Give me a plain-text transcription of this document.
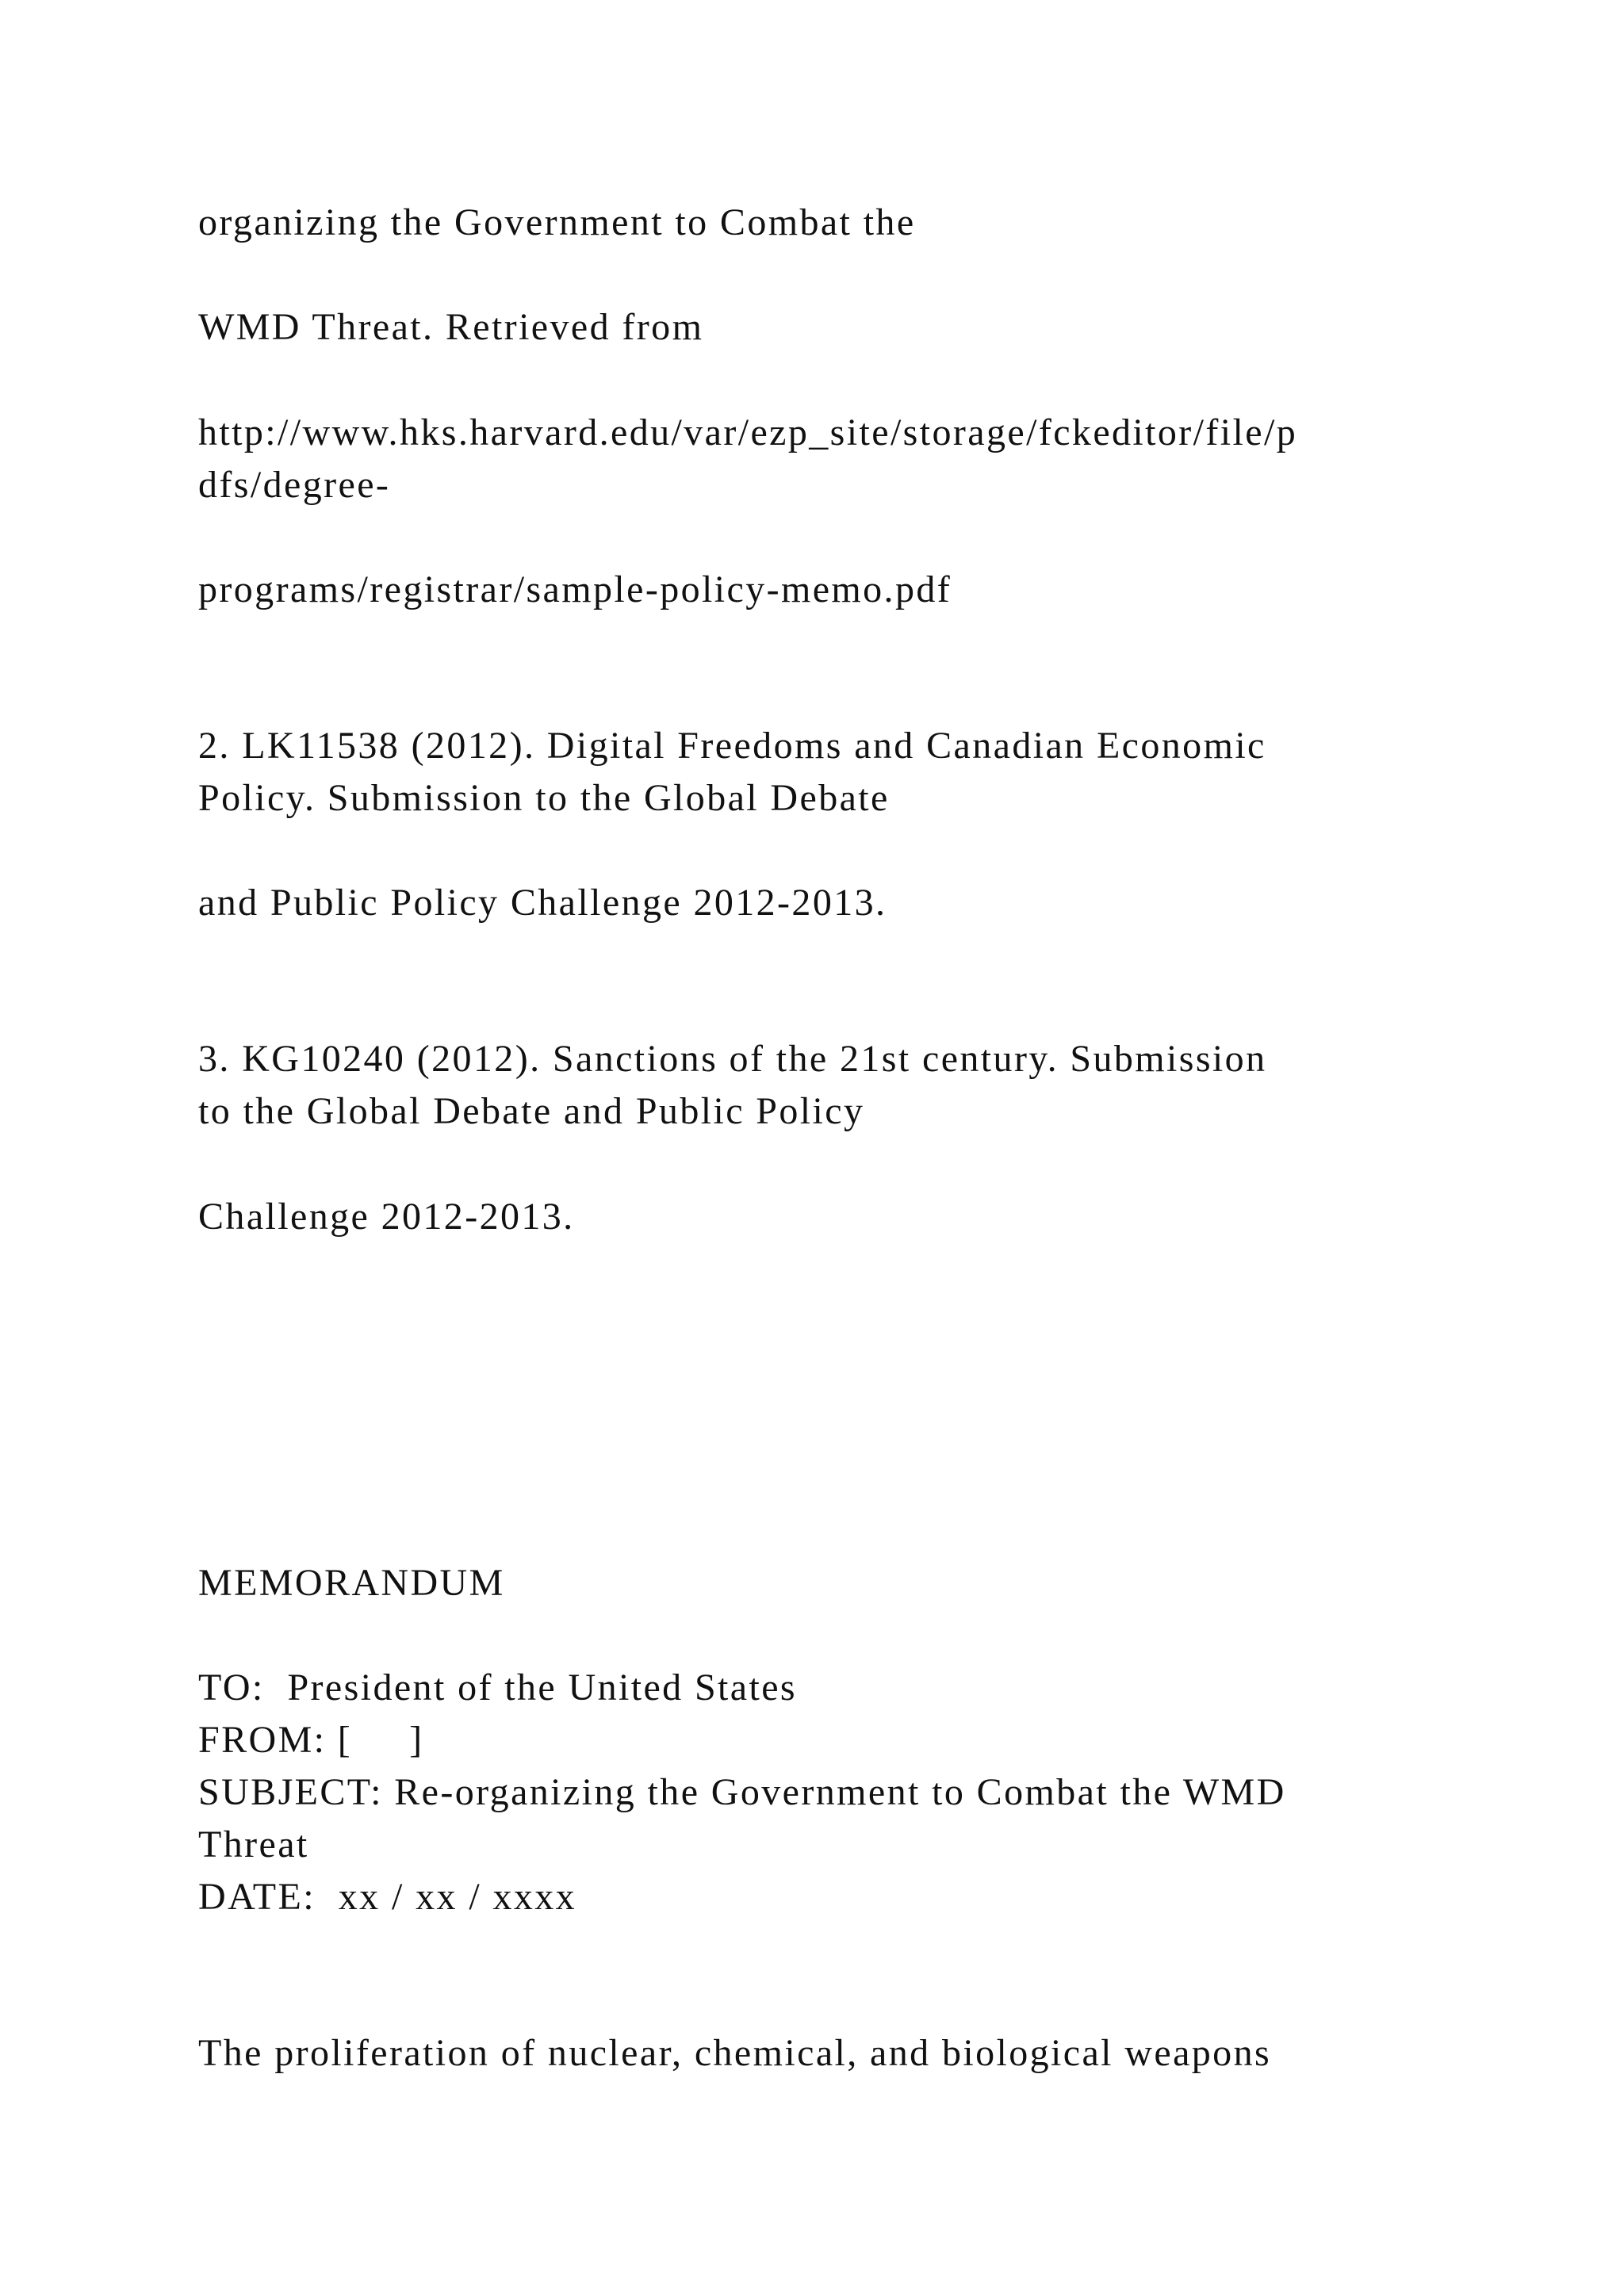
organizing the Government to Combat the

WMD Threat. Retrieved from

http://www.hks.harvard.edu/var/ezp_site/storage/fckeditor/file/p

dfs/degree-

programs/registrar/sample-policy-memo.pdf

2. LK11538 (2012). Digital Freedoms and Canadian Economic

Policy. Submission to the Global Debate

and Public Policy Challenge 2012-2013.

3. KG10240 (2012). Sanctions of the 21st century. Submission

to the Global Debate and Public Policy

Challenge 2012-2013.

MEMORANDUM

TO:  President of the United States

FROM: [     ]

SUBJECT: Re-organizing the Government to Combat the WMD

Threat

DATE:  xx / xx / xxxx

The proliferation of nuclear, chemical, and biological weapons
